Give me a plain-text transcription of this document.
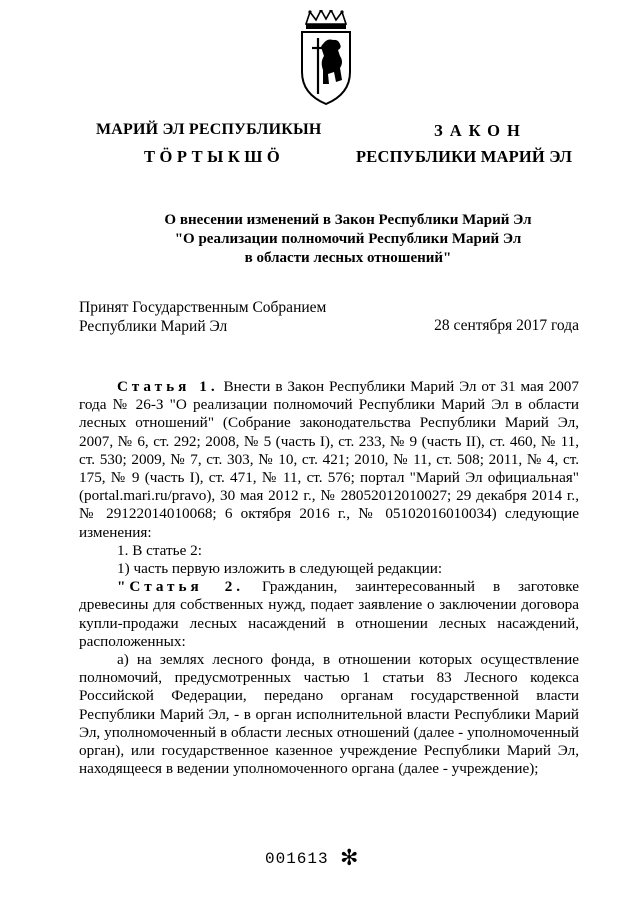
МАРИЙ ЭЛ РЕСПУБЛИКЫН
ТӦРТЫКШӦ
ЗАКОН
РЕСПУБЛИКИ МАРИЙ ЭЛ
О внесении изменений в Закон Республики Марий Эл
"О реализации полномочий Республики Марий Эл
в области лесных отношений"
Принят Государственным Собранием
Республики Марий Эл	28 сентября 2017 года

Статья 1. Внести в Закон Республики Марий Эл от 31 мая 2007 года № 26-З "О реализации полномочий Республики Марий Эл в области лесных отношений" (Собрание законодательства Республики Марий Эл, 2007, № 6, ст. 292; 2008, № 5 (часть I), ст. 233, № 9 (часть II), ст. 460, № 11, ст. 530; 2009, № 7, ст. 303, № 10, ст. 421; 2010, № 11, ст. 508; 2011, № 4, ст. 175, № 9 (часть I), ст. 471, № 11, ст. 576; портал "Марий Эл официальная" (portal.mari.ru/pravo), 30 мая 2012 г., № 28052012010027; 29 декабря 2014 г., № 29122014010068; 6 октября 2016 г., № 05102016010034) следующие изменения:

1. В статье 2:

1) часть первую изложить в следующей редакции:

"Статья 2. Гражданин, заинтересованный в заготовке древесины для собственных нужд, подает заявление о заключении договора купли-продажи лесных насаждений в отношении лесных насаждений, расположенных:

а) на землях лесного фонда, в отношении которых осуществление полномочий, предусмотренных частью 1 статьи 83 Лесного кодекса Российской Федерации, передано органам государственной власти Республики Марий Эл, - в орган исполнительной власти Республики Марий Эл, уполномоченный в области лесных отношений (далее - уполномоченный орган), или государственное казенное учреждение Республики Марий Эл, находящееся в ведении уполномоченного органа (далее - учреждение);

001613 ✻
